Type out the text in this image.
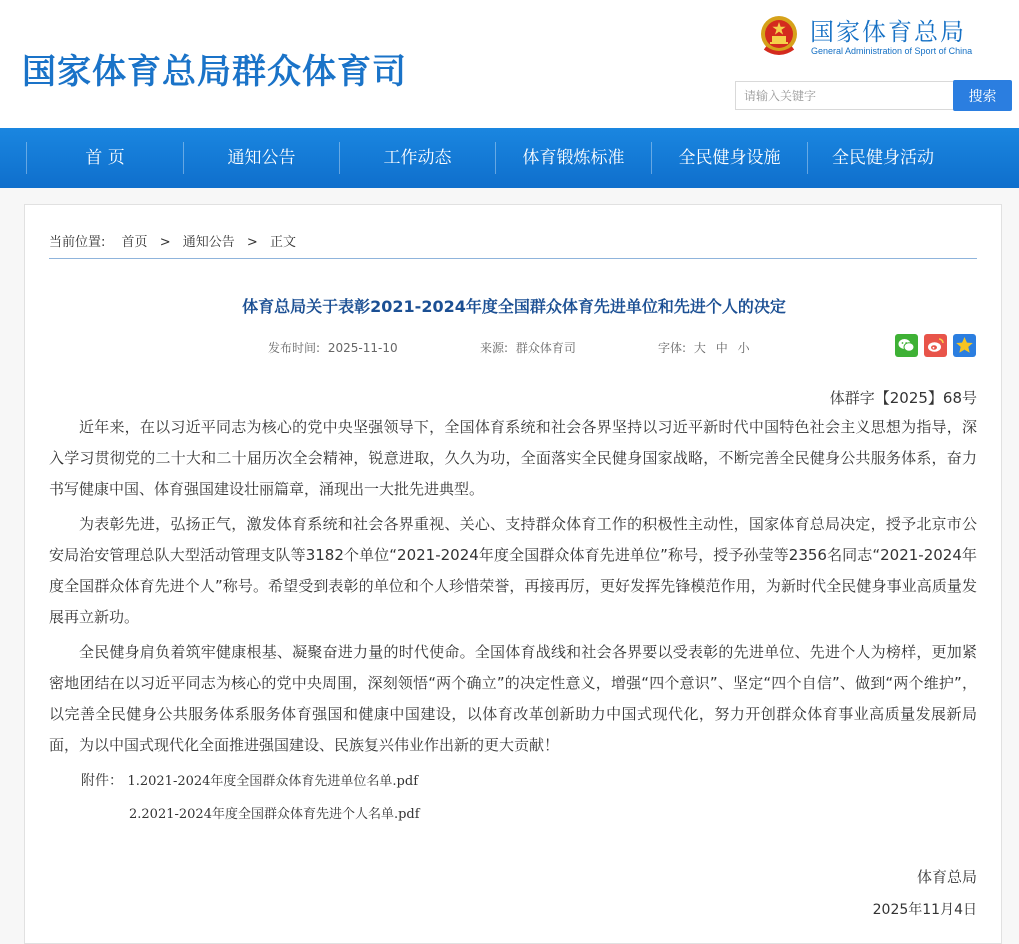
国家体育总局群众体育司
国家体育总局
General Administration of Sport of China
请输入关键字
搜索
首 页	通知公告	工作动态	体育锻炼标准	全民健身设施	全民健身活动
当前位置: 首页 > 通知公告 > 正文
体育总局关于表彰2021-2024年度全国群众体育先进单位和先进个人的决定
发布时间: 2025-11-10	来源: 群众体育司	字体: 大 中 小
体群字【2025】68号

近年来，在以习近平同志为核心的党中央坚强领导下，全国体育系统和社会各界坚持以习近平新时代中国特色社会主义思想为指导，深入学习贯彻党的二十大和二十届历次全会精神，锐意进取，久久为功，全面落实全民健身国家战略，不断完善全民健身公共服务体系，奋力书写健康中国、体育强国建设壮丽篇章，涌现出一大批先进典型。

为表彰先进，弘扬正气，激发体育系统和社会各界重视、关心、支持群众体育工作的积极性主动性，国家体育总局决定，授予北京市公安局治安管理总队大型活动管理支队等3182个单位“2021-2024年度全国群众体育先进单位”称号，授予孙莹等2356名同志“2021-2024年度全国群众体育先进个人”称号。希望受到表彰的单位和个人珍惜荣誉，再接再厉，更好发挥先锋模范作用，为新时代全民健身事业高质量发展再立新功。

全民健身肩负着筑牢健康根基、凝聚奋进力量的时代使命。全国体育战线和社会各界要以受表彰的先进单位、先进个人为榜样，更加紧密地团结在以习近平同志为核心的党中央周围，深刻领悟“两个确立”的决定性意义，增强“四个意识”、坚定“四个自信”、做到“两个维护”，以完善全民健身公共服务体系服务体育强国和健康中国建设，以体育改革创新助力中国式现代化，努力开创群众体育事业高质量发展新局面，为以中国式现代化全面推进强国建设、民族复兴伟业作出新的更大贡献！

附件： 1.2021-2024年度全国群众体育先进单位名单.pdf
2.2021-2024年度全国群众体育先进个人名单.pdf
体育总局
2025年11月4日
